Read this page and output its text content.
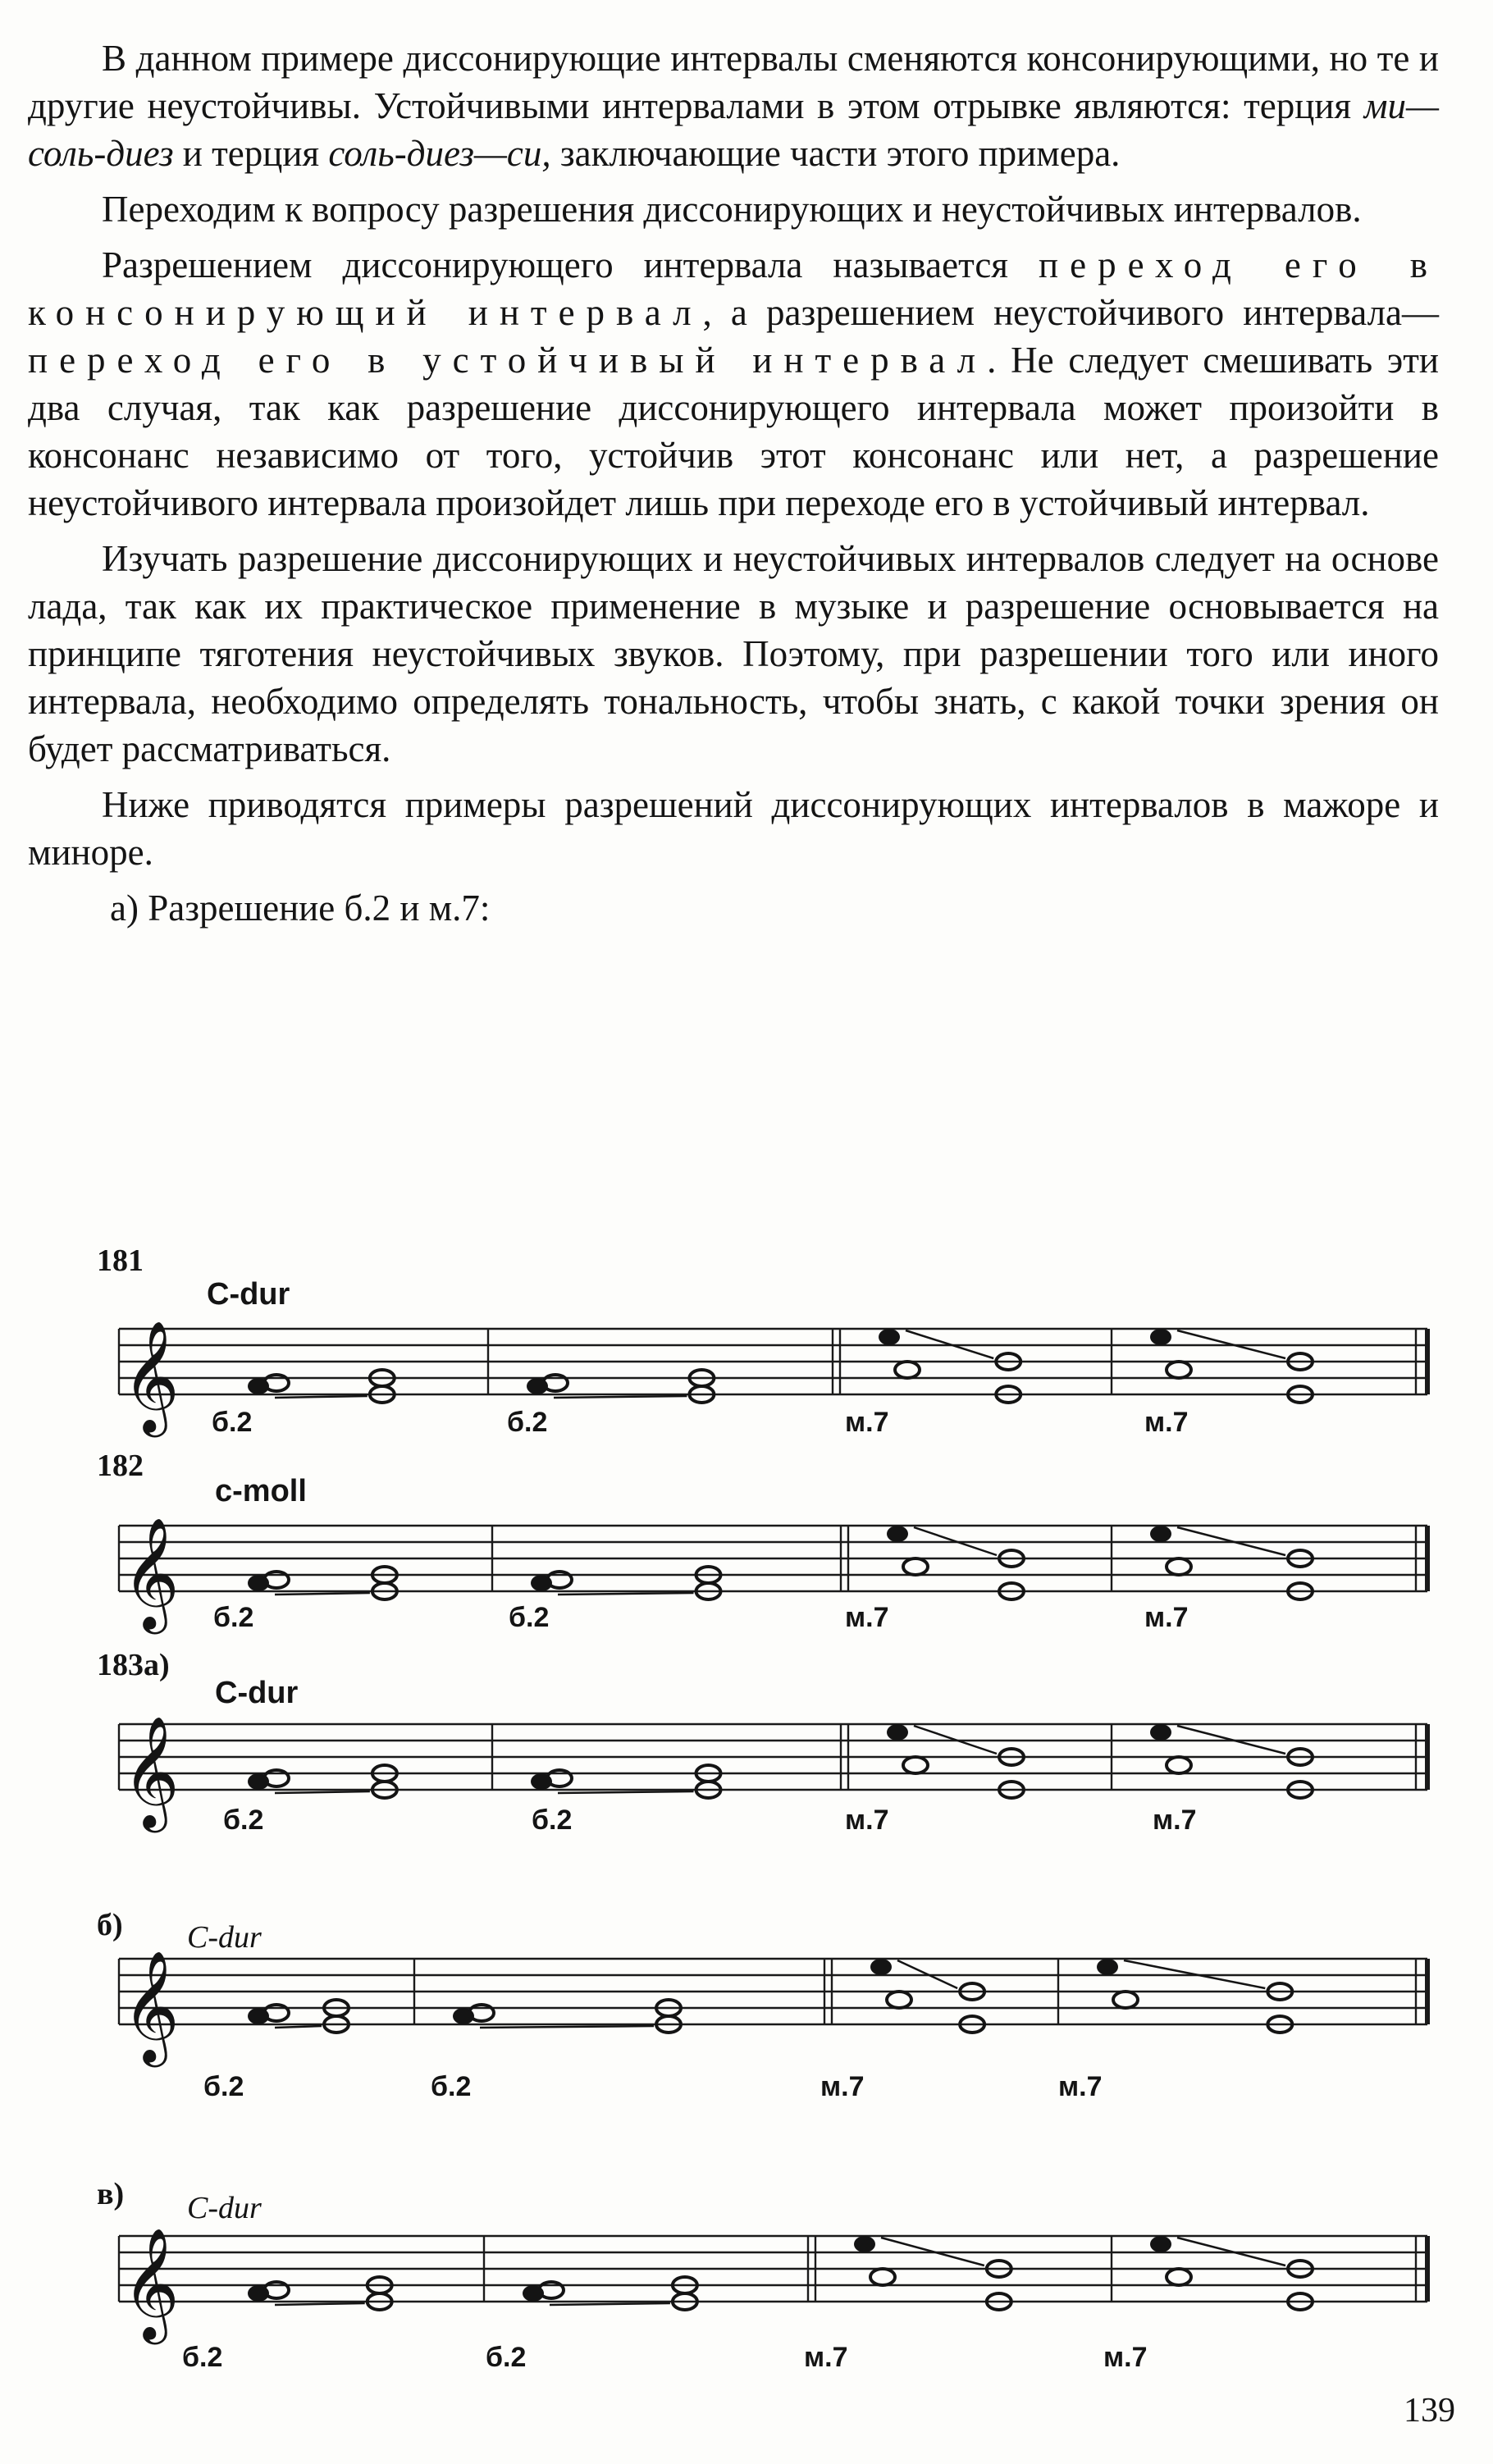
В данном примере диссонирующие интервалы сменяются консонирующими, но те и другие неустойчивы. Устойчивыми интервалами в этом отрывке являются: терция ми—соль-диез и терция соль-диез—си, заключающие части этого примера.

Переходим к вопросу разрешения диссонирующих и неустойчивых интервалов.

Разрешением диссонирующего интервала называется переход его в консонирующий интервал, а разрешением неустойчивого интервала—переход его в устойчивый интервал. Не следует смешивать эти два случая, так как разрешение диссонирующего интервала может произойти в консонанс независимо от того, устойчив этот консонанс или нет, а разрешение неустойчивого интервала произойдет лишь при переходе его в устойчивый интервал.

Изучать разрешение диссонирующих и неустойчивых интервалов следует на основе лада, так как их практическое применение в музыке и разрешение основывается на принципе тяготения неустойчивых звуков. Поэтому, при разрешении того или иного интервала, необходимо определять тональность, чтобы знать, с какой точки зрения он будет рассматриваться.

Ниже приводятся примеры разрешений диссонирующих интервалов в мажоре и миноре.

а) Разрешение б.2 и м.7:

181
C-dur
𝄞 б.2	б.2	м.7	м.7
182
c-moll
𝄞 б.2	б.2	м.7	м.7
183а)
C-dur
𝄞 б.2	б.2	м.7	м.7
б) C-dur
𝄞
б.2	б.2	м.7	м.7
в) C-dur
𝄞
б.2	б.2	м.7	м.7
139
